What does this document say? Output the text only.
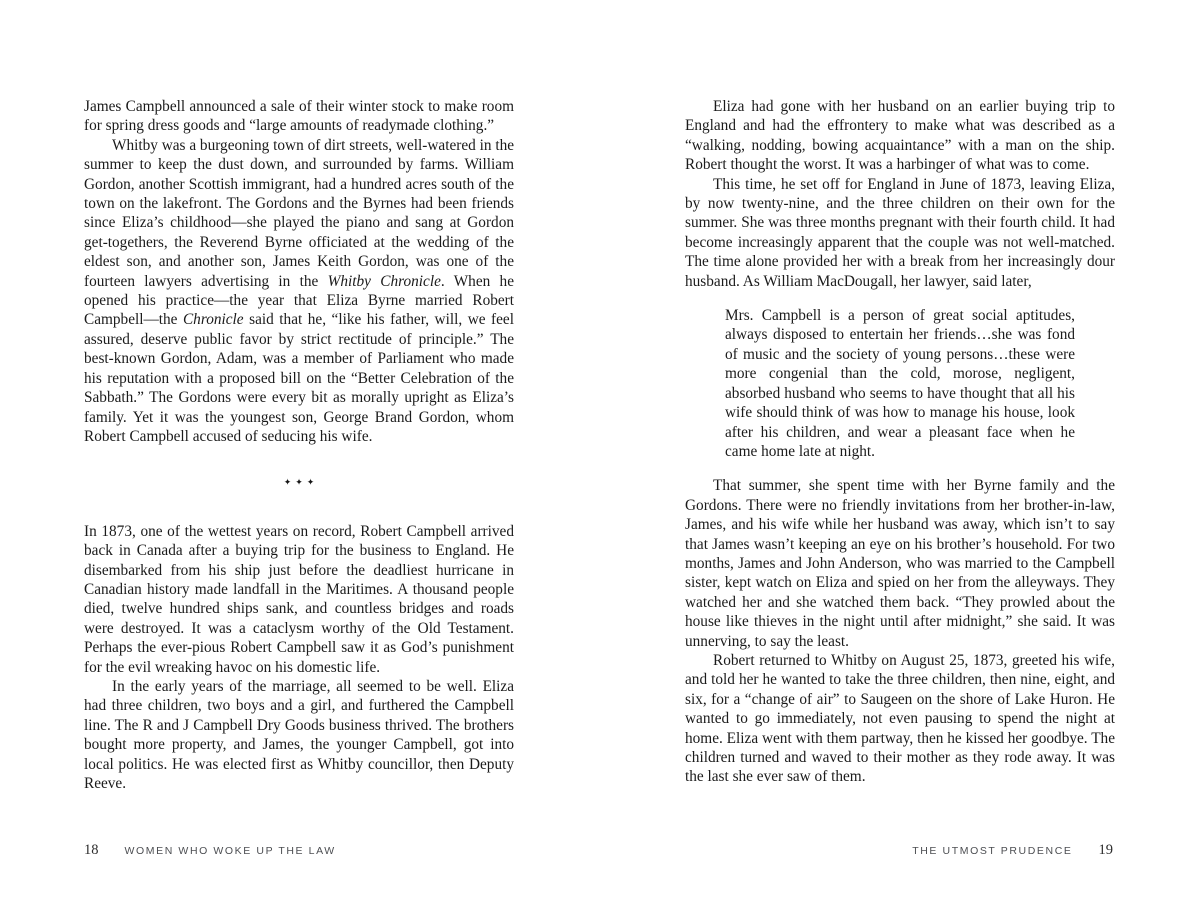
James Campbell announced a sale of their winter stock to make room for spring dress goods and “large amounts of readymade clothing.”

Whitby was a burgeoning town of dirt streets, well-watered in the summer to keep the dust down, and surrounded by farms. William Gordon, another Scottish immigrant, had a hundred acres south of the town on the lakefront. The Gordons and the Byrnes had been friends since Eliza’s childhood—she played the piano and sang at Gordon get-togethers, the Reverend Byrne officiated at the wedding of the eldest son, and another son, James Keith Gordon, was one of the fourteen lawyers advertising in the Whitby Chronicle. When he opened his practice—the year that Eliza Byrne married Robert Campbell—the Chronicle said that he, “like his father, will, we feel assured, deserve public favor by strict rectitude of principle.” The best-known Gordon, Adam, was a member of Parliament who made his reputation with a proposed bill on the “Better Celebration of the Sabbath.” The Gordons were every bit as morally upright as Eliza’s family. Yet it was the youngest son, George Brand Gordon, whom Robert Campbell accused of seducing his wife.

✦✦✦

In 1873, one of the wettest years on record, Robert Campbell arrived back in Canada after a buying trip for the business to England. He disembarked from his ship just before the deadliest hurricane in Canadian history made landfall in the Maritimes. A thousand people died, twelve hundred ships sank, and countless bridges and roads were destroyed. It was a cataclysm worthy of the Old Testament. Perhaps the ever-pious Robert Campbell saw it as God’s punishment for the evil wreaking havoc on his domestic life.

In the early years of the marriage, all seemed to be well. Eliza had three children, two boys and a girl, and furthered the Campbell line. The R and J Campbell Dry Goods business thrived. The brothers bought more property, and James, the younger Campbell, got into local politics. He was elected first as Whitby councillor, then Deputy Reeve.

Eliza had gone with her husband on an earlier buying trip to England and had the effrontery to make what was described as a “walking, nodding, bowing acquaintance” with a man on the ship. Robert thought the worst. It was a harbinger of what was to come.

This time, he set off for England in June of 1873, leaving Eliza, by now twenty-nine, and the three children on their own for the summer. She was three months pregnant with their fourth child. It had become increasingly apparent that the couple was not well-matched. The time alone provided her with a break from her increasingly dour husband. As William MacDougall, her lawyer, said later,

Mrs. Campbell is a person of great social aptitudes, always disposed to entertain her friends…she was fond of music and the society of young persons…these were more congenial than the cold, morose, negligent, absorbed husband who seems to have thought that all his wife should think of was how to manage his house, look after his children, and wear a pleasant face when he came home late at night.

That summer, she spent time with her Byrne family and the Gordons. There were no friendly invitations from her brother-in-law, James, and his wife while her husband was away, which isn’t to say that James wasn’t keeping an eye on his brother’s household. For two months, James and John Anderson, who was married to the Campbell sister, kept watch on Eliza and spied on her from the alleyways. They watched her and she watched them back. “They prowled about the house like thieves in the night until after midnight,” she said. It was unnerving, to say the least.

Robert returned to Whitby on August 25, 1873, greeted his wife, and told her he wanted to take the three children, then nine, eight, and six, for a “change of air” to Saugeen on the shore of Lake Huron. He wanted to go immediately, not even pausing to spend the night at home. Eliza went with them partway, then he kissed her goodbye. The children turned and waved to their mother as they rode away. It was the last she ever saw of them.

18 WOMEN WHO WOKE UP THE LAW	THE UTMOST PRUDENCE 19
